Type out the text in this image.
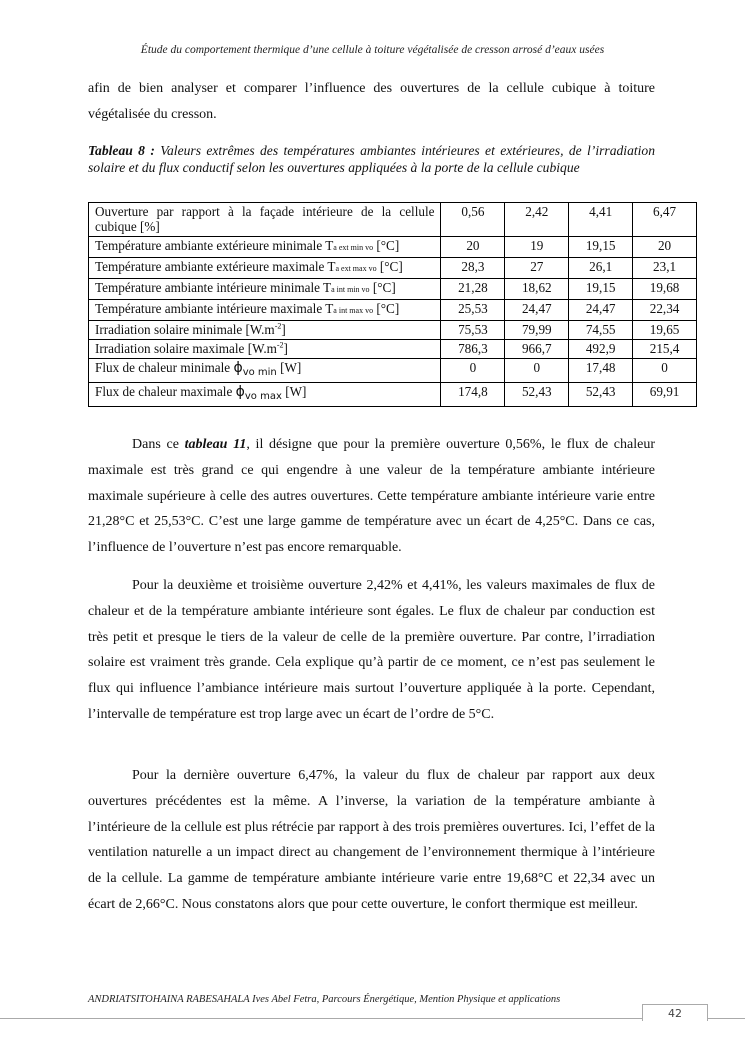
Étude du comportement thermique d’une cellule à toiture végétalisée de cresson arrosé d’eaux usées

afin de bien analyser et comparer l’influence des ouvertures de la cellule cubique à toiture végétalisée du cresson.

Tableau 8 : Valeurs extrêmes des températures ambiantes intérieures et extérieures, de l’irradiation solaire et du flux conductif selon les ouvertures appliquées à la porte de la cellule cubique
Ouverture par rapport à la façade intérieure de la cellule cubique [%]	0,56	2,42	4,41	6,47
Température ambiante extérieure minimale Ta ext min vo [°C]	20	19	19,15	20
Température ambiante extérieure maximale Ta ext max vo [°C]	28,3	27	26,1	23,1
Température ambiante intérieure minimale Ta int min vo [°C]	21,28	18,62	19,15	19,68
Température ambiante intérieure maximale Ta int max vo [°C]	25,53	24,47	24,47	22,34
Irradiation solaire minimale $[W.m^{-2}]$	75,53	79,99	74,55	19,65
Irradiation solaire maximale $[W.m^{-2}]$	786,3	966,7	492,9	215,4
Flux de chaleur minimale $\phi_{vo min}$ [W]	0	0	17,48	0
Flux de chaleur maximale $\phi_{vo max}$ [W]	174,8	52,43	52,43	69,91

Dans ce tableau 11, il désigne que pour la première ouverture 0,56%, le flux de chaleur maximale est très grand ce qui engendre à une valeur de la température ambiante intérieure maximale supérieure à celle des autres ouvertures. Cette température ambiante intérieure varie entre 21,28°C et 25,53°C. C’est une large gamme de température avec un écart de 4,25°C. Dans ce cas, l’influence de l’ouverture n’est pas encore remarquable.

Pour la deuxième et troisième ouverture 2,42% et 4,41%, les valeurs maximales de flux de chaleur et de la température ambiante intérieure sont égales. Le flux de chaleur par conduction est très petit et presque le tiers de la valeur de celle de la première ouverture. Par contre, l’irradiation solaire est vraiment très grande. Cela explique qu’à partir de ce moment, ce n’est pas seulement le flux qui influence l’ambiance intérieure mais surtout l’ouverture appliquée à la porte. Cependant, l’intervalle de température est trop large avec un écart de l’ordre de 5°C.

Pour la dernière ouverture 6,47%, la valeur du flux de chaleur par rapport aux deux ouvertures précédentes est la même. A l’inverse, la variation de la température ambiante à l’intérieure de la cellule est plus rétrécie par rapport à des trois premières ouvertures. Ici, l’effet de la ventilation naturelle a un impact direct au changement de l’environnement thermique à l’intérieure de la cellule. La gamme de température ambiante intérieure varie entre 19,68°C et 22,34 avec un écart de 2,66°C. Nous constatons alors que pour cette ouverture, le confort thermique est meilleur.

ANDRIATSITOHAINA RABESAHALA Ives Abel Fetra, Parcours Énergétique, Mention Physique et applications
42
